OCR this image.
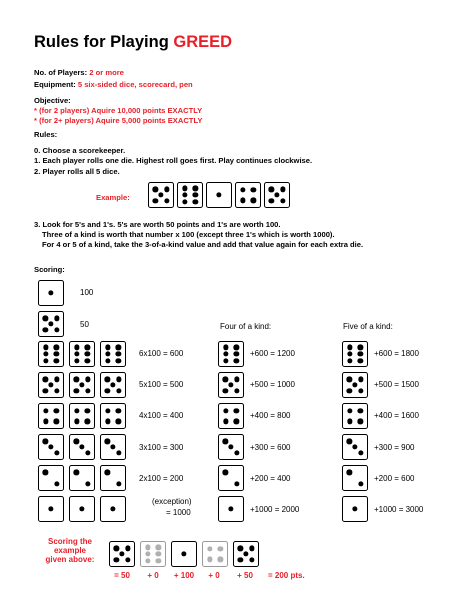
Rules for Playing GREED
No. of Players: 2 or more
Equipment: 5 six-sided dice, scorecard, pen
Objective:
* (for 2 players) Aquire 10,000 points EXACTLY
* (for 2+ players) Aquire 5,000 points EXACTLY
Rules:
0. Choose a scorekeeper.
1. Each player rolls one die. Highest roll goes first. Play continues clockwise.
2. Player rolls all 5 dice.
Example:
3. Look for 5's and 1's. 5's are worth 50 points and 1's are worth 100.
Three of a kind is worth that number x 100 (except three 1's which is worth 1000).
For 4 or 5 of a kind, take the 3-of-a-kind value and add that value again for each extra die.
Scoring:
100
50	Four of a kind:	Five of a kind:
6x100 = 600	+600 = 1200	+600 = 1800
5x100 = 500	+500 = 1000	+500 = 1500
4x100 = 400	+400 = 800	+400 = 1600
3x100 = 300	+300 = 600	+300 = 900
2x100 = 200	+200 = 400	+200 = 600
(exception)
= 1000	+1000 = 2000	+1000 = 3000
Scoring the
example
given above:
= 50	+ 0	+ 100	+ 0	+ 50	= 200 pts.
